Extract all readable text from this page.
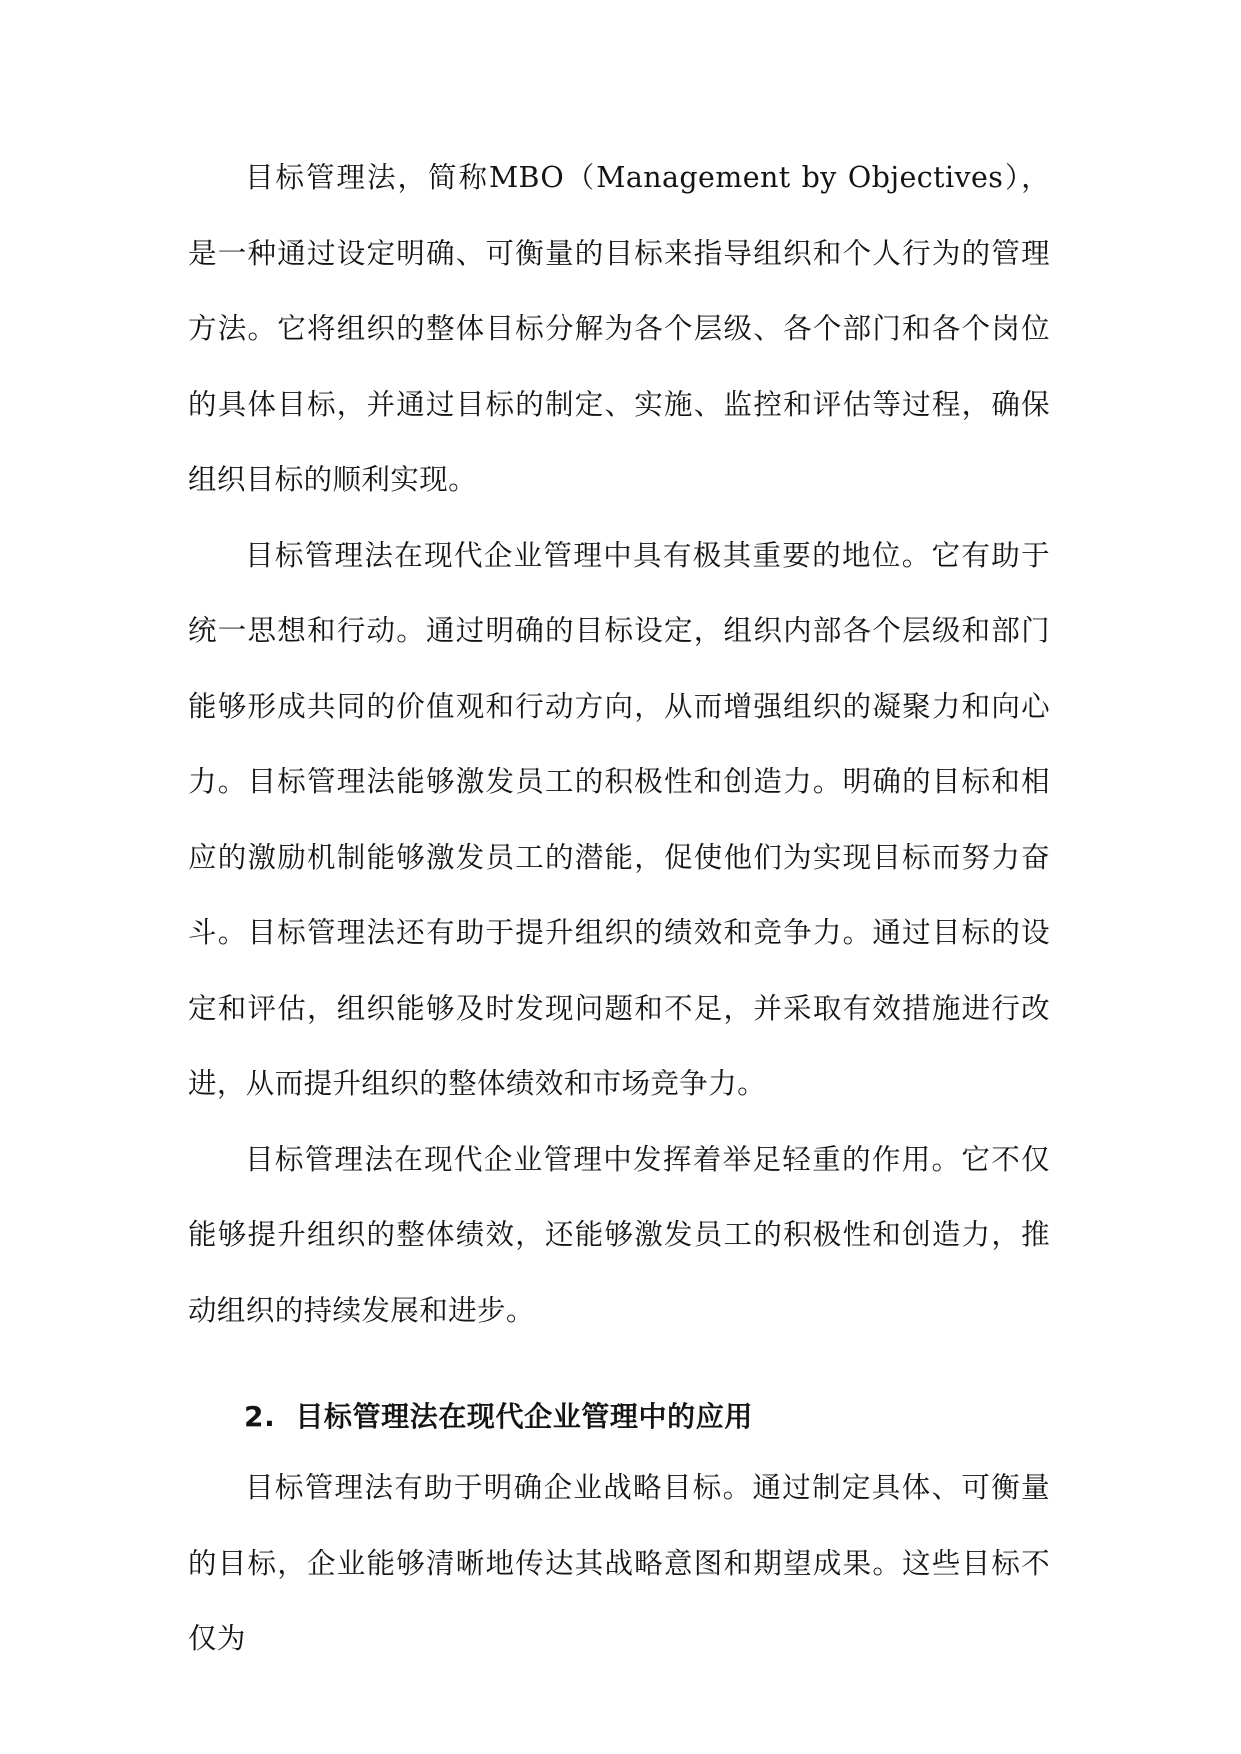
目标管理法，简称MBO（Management by Objectives），是一种通过设定明确、可衡量的目标来指导组织和个人行为的管理方法。它将组织的整体目标分解为各个层级、各个部门和各个岗位的具体目标，并通过目标的制定、实施、监控和评估等过程，确保组织目标的顺利实现。

目标管理法在现代企业管理中具有极其重要的地位。它有助于统一思想和行动。通过明确的目标设定，组织内部各个层级和部门能够形成共同的价值观和行动方向，从而增强组织的凝聚力和向心力。目标管理法能够激发员工的积极性和创造力。明确的目标和相应的激励机制能够激发员工的潜能，促使他们为实现目标而努力奋斗。目标管理法还有助于提升组织的绩效和竞争力。通过目标的设定和评估，组织能够及时发现问题和不足，并采取有效措施进行改进，从而提升组织的整体绩效和市场竞争力。

目标管理法在现代企业管理中发挥着举足轻重的作用。它不仅能够提升组织的整体绩效，还能够激发员工的积极性和创造力，推动组织的持续发展和进步。

2. 目标管理法在现代企业管理中的应用

目标管理法有助于明确企业战略目标。通过制定具体、可衡量的目标，企业能够清晰地传达其战略意图和期望成果。这些目标不仅为
